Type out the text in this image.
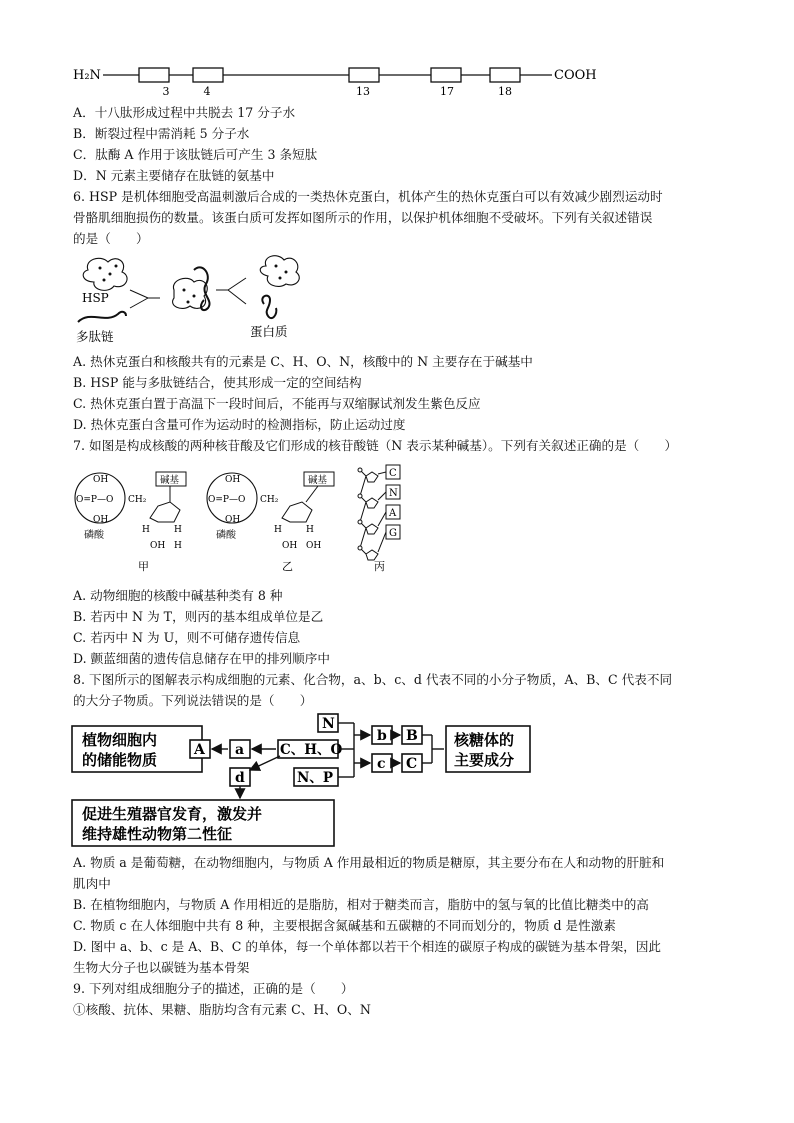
H₂N	COOH
3	4	13	17	18
A．十八肽形成过程中共脱去 17 分子水
B．断裂过程中需消耗 5 分子水
C．肽酶 A 作用于该肽链后可产生 3 条短肽
D．N 元素主要储存在肽链的氨基中
6. HSP 是机体细胞受高温刺激后合成的一类热休克蛋白，机体产生的热休克蛋白可以有效减少剧烈运动时
骨骼肌细胞损伤的数量。该蛋白质可发挥如图所示的作用，以保护机体细胞不受破坏。下列有关叙述错误
的是（　　）
HSP
多肽链	蛋白质
A. 热休克蛋白和核酸共有的元素是 C、H、O、N，核酸中的 N 主要存在于碱基中
B. HSP 能与多肽链结合，使其形成一定的空间结构
C. 热休克蛋白置于高温下一段时间后，不能再与双缩脲试剂发生紫色反应
D. 热休克蛋白含量可作为运动时的检测指标，防止运动过度
7. 如图是构成核酸的两种核苷酸及它们形成的核苷酸链（N 表示某种碱基）。下列有关叙述正确的是（　　）
OH
O=P—O
OH
CH₂
碱基
H	H
OH H
磷酸
甲
OH
O=P—O
OH
CH₂
碱基
H	H
OH OH
磷酸
乙
C
N
A
G
丙
A. 动物细胞的核酸中碱基种类有 8 种
B. 若丙中 N 为 T，则丙的基本组成单位是乙
C. 若丙中 N 为 U，则不可储存遗传信息
D. 颤蓝细菌的遗传信息储存在甲的排列顺序中
8. 下图所示的图解表示构成细胞的元素、化合物，a、b、c、d 代表不同的小分子物质，A、B、C 代表不同
的大分子物质。下列说法错误的是（　　）
植物细胞内
的储能物质
A a	C、H、O
N
N、P
b B
c C
核糖体的
主要成分
d
促进生殖器官发育，激发并
维持雄性动物第二性征
A. 物质 a 是葡萄糖，在动物细胞内，与物质 A 作用最相近的物质是糖原，其主要分布在人和动物的肝脏和
肌肉中
B. 在植物细胞内，与物质 A 作用相近的是脂肪，相对于糖类而言，脂肪中的氢与氧的比值比糖类中的高
C. 物质 c 在人体细胞中共有 8 种，主要根据含氮碱基和五碳糖的不同而划分的，物质 d 是性激素
D. 图中 a、b、c 是 A、B、C 的单体，每一个单体都以若干个相连的碳原子构成的碳链为基本骨架，因此
生物大分子也以碳链为基本骨架
9. 下列对组成细胞分子的描述，正确的是（　　）
①核酸、抗体、果糖、脂肪均含有元素 C、H、O、N
